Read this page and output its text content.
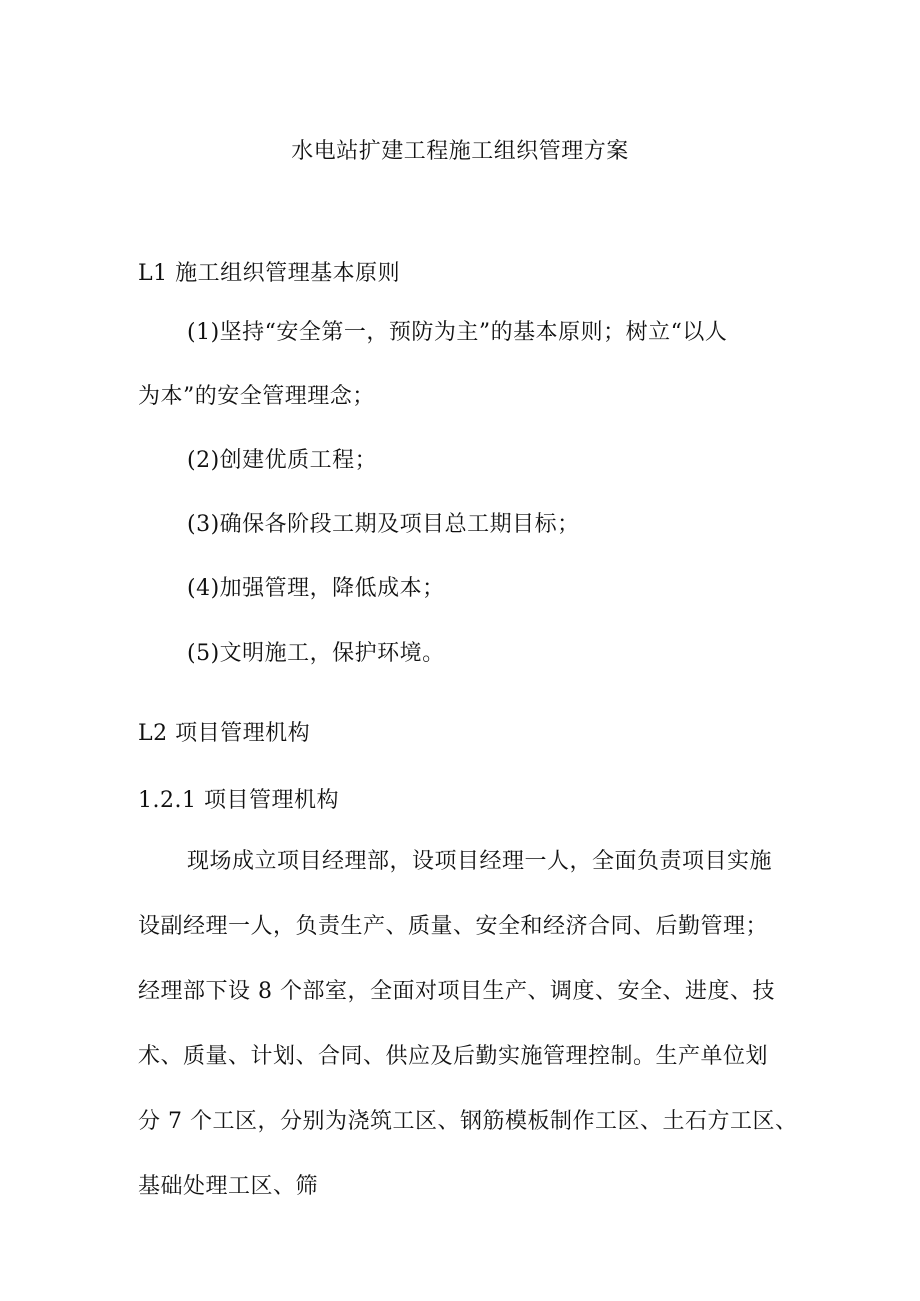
水电站扩建工程施工组织管理方案
L1 施工组织管理基本原则
(1)坚持“安全第一，预防为主”的基本原则；树立“以人
为本”的安全管理理念；
(2)创建优质工程；
(3)确保各阶段工期及项目总工期目标；
(4)加强管理，降低成本；
(5)文明施工，保护环境。
L2 项目管理机构
1.2.1 项目管理机构
现场成立项目经理部，设项目经理一人，全面负责项目实施
设副经理一人，负责生产、质量、安全和经济合同、后勤管理；
经理部下设 8 个部室，全面对项目生产、调度、安全、进度、技
术、质量、计划、合同、供应及后勤实施管理控制。生产单位划
分 7 个工区，分别为浇筑工区、钢筋模板制作工区、土石方工区、
基础处理工区、筛
